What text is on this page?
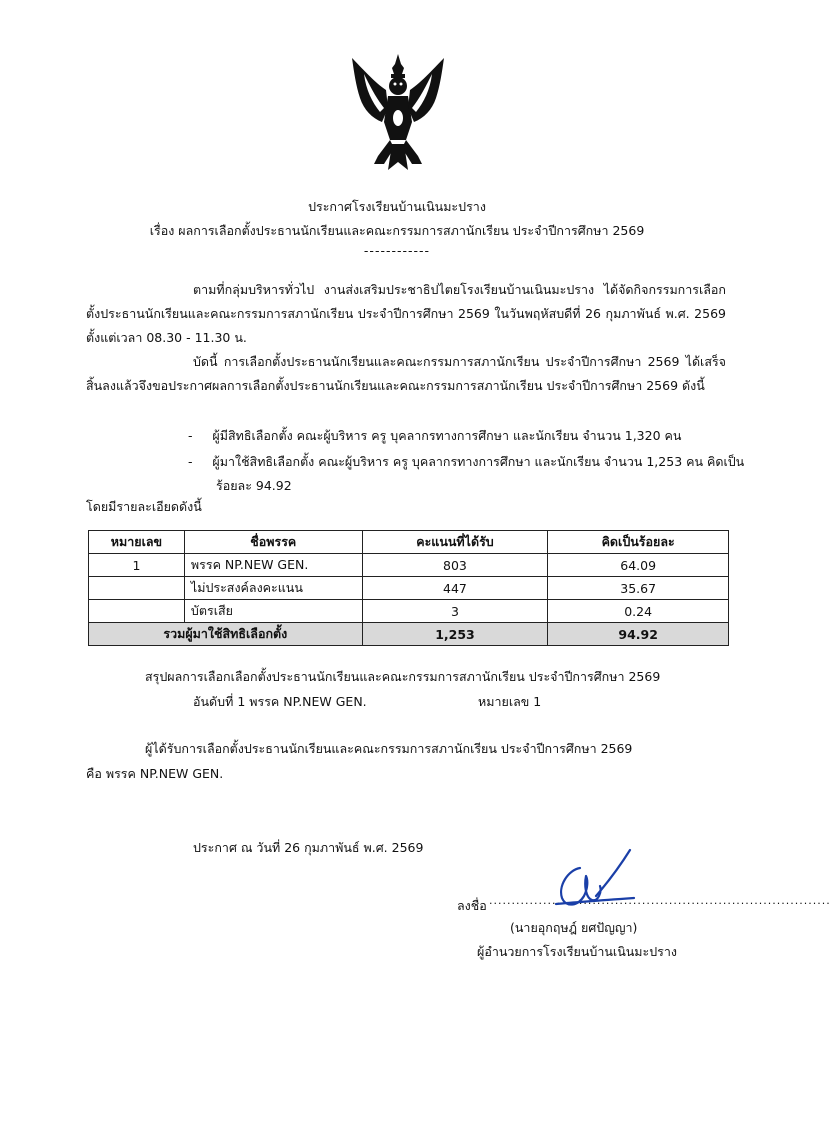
ประกาศโรงเรียนบ้านเนินมะปราง
เรื่อง ผลการเลือกตั้งประธานนักเรียนและคณะกรรมการสภานักเรียน ประจำปีการศึกษา 2569
------------
ตามที่กลุ่มบริหารทั่วไป งานส่งเสริมประชาธิปไตยโรงเรียนบ้านเนินมะปราง ได้จัดกิจกรรมการเลือกตั้งประธานนักเรียนและคณะกรรมการสภานักเรียน ประจำปีการศึกษา 2569 ในวันพฤหัสบดีที่ 26 กุมภาพันธ์ พ.ศ. 2569 ตั้งแต่เวลา 08.30 - 11.30 น.
บัดนี้ การเลือกตั้งประธานนักเรียนและคณะกรรมการสภานักเรียน ประจำปีการศึกษา 2569 ได้เสร็จสิ้นลงแล้วจึงขอประกาศผลการเลือกตั้งประธานนักเรียนและคณะกรรมการสภานักเรียน ประจำปีการศึกษา 2569 ดังนี้
- ผู้มีสิทธิเลือกตั้ง คณะผู้บริหาร ครู บุคลากรทางการศึกษา และนักเรียน จำนวน 1,320 คน
- ผู้มาใช้สิทธิเลือกตั้ง คณะผู้บริหาร ครู บุคลากรทางการศึกษา และนักเรียน จำนวน 1,253 คน คิดเป็นร้อยละ 94.92
โดยมีรายละเอียดดังนี้
หมายเลข	ชื่อพรรค	คะแนนที่ได้รับ	คิดเป็นร้อยละ
1	พรรค NP.NEW GEN.	803	64.09
	ไม่ประสงค์ลงคะแนน	447	35.67
	บัตรเสีย	3	0.24
รวมผู้มาใช้สิทธิเลือกตั้ง		1,253	94.92
สรุปผลการเลือกเลือกตั้งประธานนักเรียนและคณะกรรมการสภานักเรียน ประจำปีการศึกษา 2569
อันดับที่ 1 พรรค NP.NEW GEN.	หมายเลข 1
ผู้ได้รับการเลือกตั้งประธานนักเรียนและคณะกรรมการสภานักเรียน ประจำปีการศึกษา 2569
คือ พรรค NP.NEW GEN.
ประกาศ ณ วันที่ 26 กุมภาพันธ์ พ.ศ. 2569
ลงชื่อ ............................................................................
(นายอุกฤษฎ์ ยศปัญญา)
ผู้อำนวยการโรงเรียนบ้านเนินมะปราง
